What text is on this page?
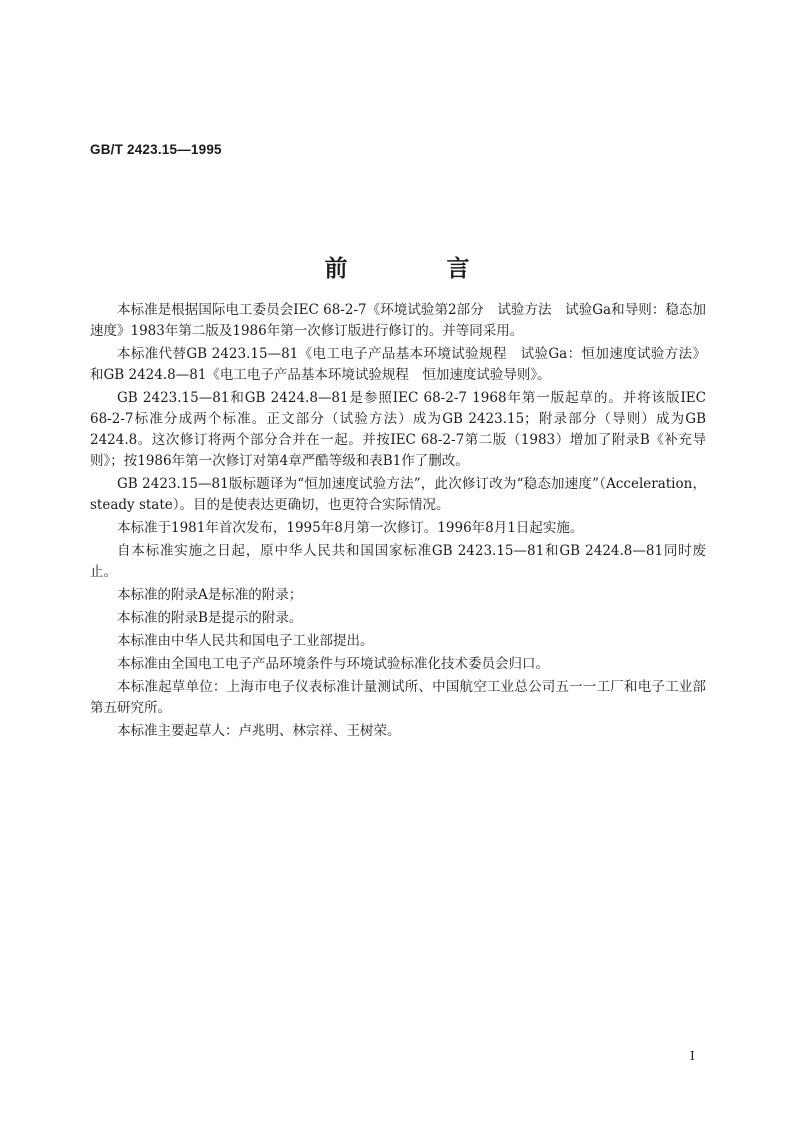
GB/T 2423.15—1995
前　言

本标准是根据国际电工委员会IEC 68-2-7《环境试验第2部分　试验方法　试验Ga和导则：稳态加速度》1983年第二版及1986年第一次修订版进行修订的。并等同采用。

本标准代替GB 2423.15—81《电工电子产品基本环境试验规程　试验Ga：恒加速度试验方法》和GB 2424.8—81《电工电子产品基本环境试验规程　恒加速度试验导则》。

GB 2423.15—81和GB 2424.8—81是参照IEC 68-2-7 1968年第一版起草的。并将该版IEC 68-2-7标准分成两个标准。正文部分（试验方法）成为GB 2423.15；附录部分（导则）成为GB 2424.8。这次修订将两个部分合并在一起。并按IEC 68-2-7第二版（1983）增加了附录B《补充导则》；按1986年第一次修订对第4章严酷等级和表B1作了删改。

GB 2423.15—81版标题译为“恒加速度试验方法”，此次修订改为“稳态加速度”（Acceleration，steady state）。目的是使表达更确切，也更符合实际情况。

本标准于1981年首次发布，1995年8月第一次修订。1996年8月1日起实施。

自本标准实施之日起，原中华人民共和国国家标准GB 2423.15—81和GB 2424.8—81同时废止。

本标准的附录A是标准的附录；

本标准的附录B是提示的附录。

本标准由中华人民共和国电子工业部提出。

本标准由全国电工电子产品环境条件与环境试验标准化技术委员会归口。

本标准起草单位：上海市电子仪表标准计量测试所、中国航空工业总公司五一一工厂和电子工业部第五研究所。

本标准主要起草人：卢兆明、林宗祥、王树荣。

I
